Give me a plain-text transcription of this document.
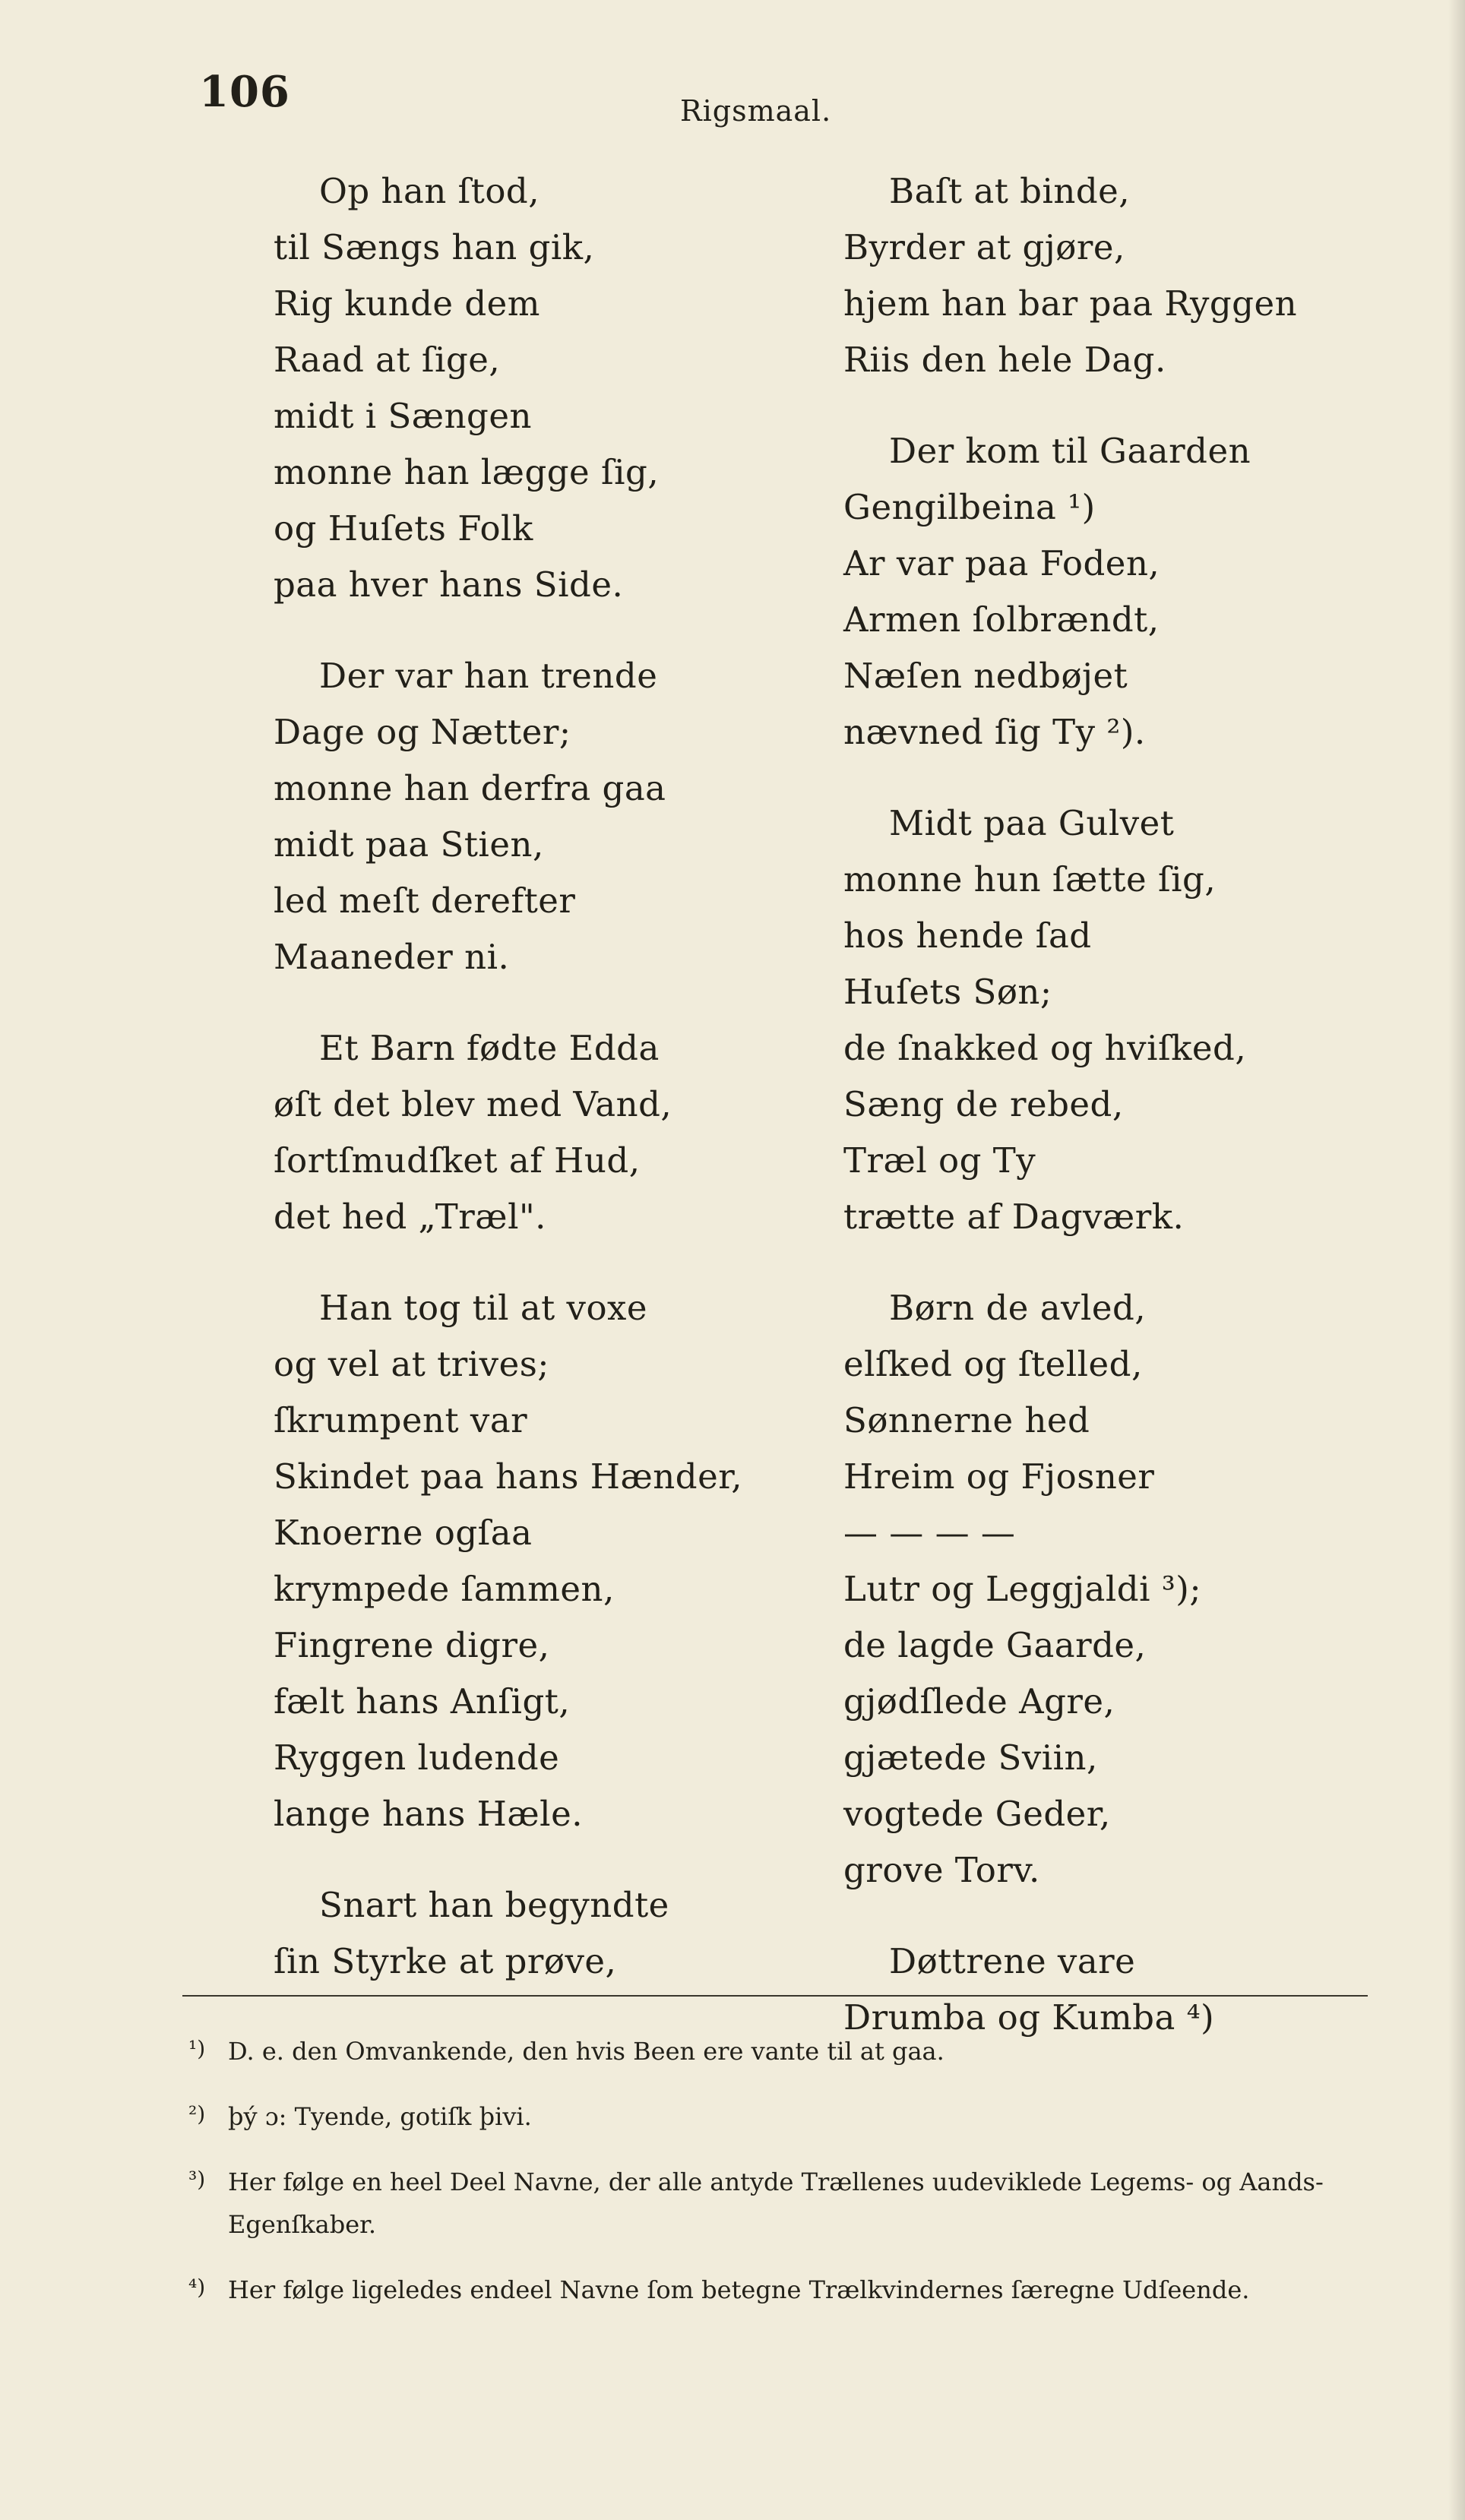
106	Rigsmaal.
Op han ſtod,
til Sængs han gik,
Rig kunde dem
Raad at ſige,
midt i Sængen
monne han lægge ſig,
og Huſets Folk
paa hver hans Side.
Der var han trende
Dage og Nætter;
monne han derfra gaa
midt paa Stien,
led meſt derefter
Maaneder ni.
Et Barn fødte Edda
øſt det blev med Vand,
ſortſmudſket af Hud,
det hed „Træl".
Han tog til at voxe
og vel at trives;
ſkrumpent var
Skindet paa hans Hænder,
Knoerne ogſaa
krympede ſammen,
Fingrene digre,
fælt hans Anſigt,
Ryggen ludende
lange hans Hæle.
Snart han begyndte
ſin Styrke at prøve,
Baſt at binde,
Byrder at gjøre,
hjem han bar paa Ryggen
Riis den hele Dag.
Der kom til Gaarden
Gengilbeina ¹)
Ar var paa Foden,
Armen ſolbrændt,
Næſen nedbøjet
nævned ſig Ty ²).
Midt paa Gulvet
monne hun ſætte ſig,
hos hende ſad
Huſets Søn;
de ſnakked og hviſked,
Sæng de rebed,
Træl og Ty
trætte af Dagværk.
Børn de avled,
elſked og ſtelled,
Sønnerne hed
Hreim og Fjosner
— — — —
Lutr og Leggjaldi ³);
de lagde Gaarde,
gjødſlede Agre,
gjætede Sviin,
vogtede Geder,
grove Torv.
Døttrene vare
Drumba og Kumba ⁴)
¹) D. e. den Omvankende, den hvis Been ere vante til at gaa.
²) þý ɔ: Tyende, gotiſk þivi.
³) Her følge en heel Deel Navne, der alle antyde Trællenes uudeviklede Legems- og Aands-Egenſkaber.
⁴) Her følge ligeledes endeel Navne ſom betegne Trælkvindernes ſæregne Udſeende.
